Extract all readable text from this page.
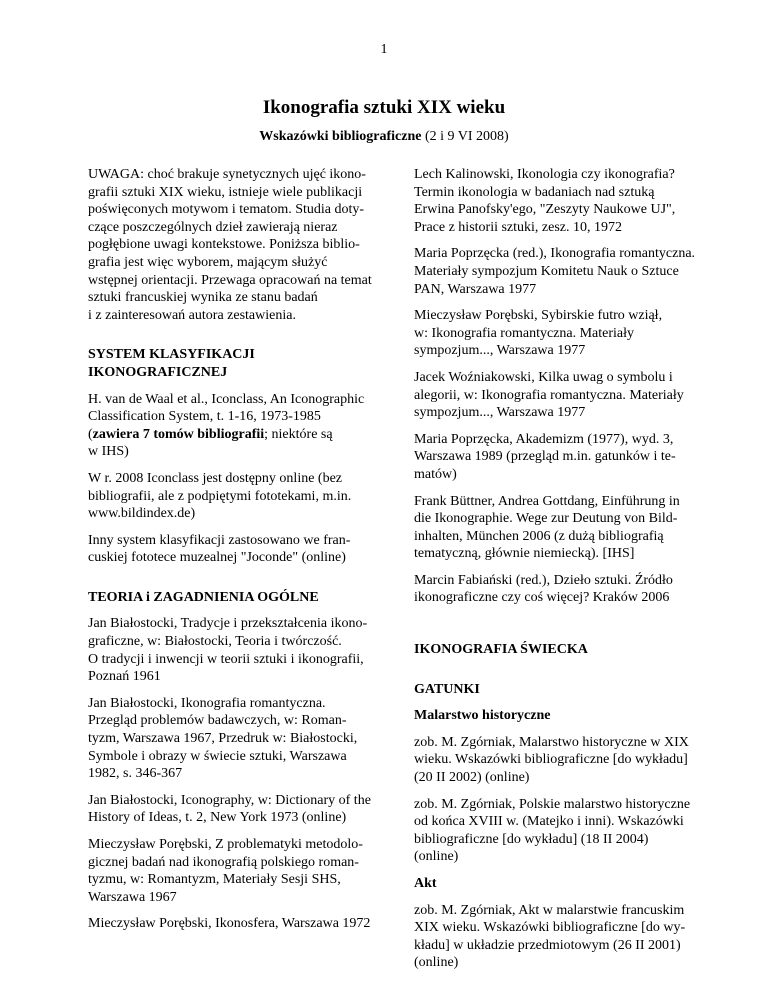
1
Ikonografia sztuki XIX wieku
Wskazówki bibliograficzne (2 i 9 VI 2008)

UWAGA: choć brakuje synetycznych ujęć ikono-
grafii sztuki XIX wieku, istnieje wiele publikacji
poświęconych motywom i tematom. Studia doty-
czące poszczególnych dzieł zawierają nieraz
pogłębione uwagi kontekstowe. Poniższa biblio-
grafia jest więc wyborem, mającym służyć
wstępnej orientacji. Przewaga opracowań na temat
sztuki francuskiej wynika ze stanu badań
i z zainteresowań autora zestawienia.

SYSTEM KLASYFIKACJI
IKONOGRAFICZNEJ

H. van de Waal et al., Iconclass, An Iconographic
Classification System, t. 1-16, 1973-1985
(zawiera 7 tomów bibliografii; niektóre są
w IHS)

W r. 2008 Iconclass jest dostępny online (bez
bibliografii, ale z podpiętymi fototekami, m.in.
www.bildindex.de)

Inny system klasyfikacji zastosowano we fran-
cuskiej fototece muzealnej "Joconde" (online)

TEORIA i ZAGADNIENIA OGÓLNE

Jan Białostocki, Tradycje i przekształcenia ikono-
graficzne, w: Białostocki, Teoria i twórczość.
O tradycji i inwencji w teorii sztuki i ikonografii,
Poznań 1961

Jan Białostocki, Ikonografia romantyczna.
Przegląd problemów badawczych, w: Roman-
tyzm, Warszawa 1967, Przedruk w: Białostocki,
Symbole i obrazy w świecie sztuki, Warszawa
1982, s. 346-367

Jan Białostocki, Iconography, w: Dictionary of the
History of Ideas, t. 2, New York 1973 (online)

Mieczysław Porębski, Z problematyki metodolo-
gicznej badań nad ikonografią polskiego roman-
tyzmu, w: Romantyzm, Materiały Sesji SHS,
Warszawa 1967

Mieczysław Porębski, Ikonosfera, Warszawa 1972

Lech Kalinowski, Ikonologia czy ikonografia?
Termin ikonologia w badaniach nad sztuką
Erwina Panofsky'ego, "Zeszyty Naukowe UJ",
Prace z historii sztuki, zesz. 10, 1972

Maria Poprzęcka (red.), Ikonografia romantyczna.
Materiały sympozjum Komitetu Nauk o Sztuce
PAN, Warszawa 1977

Mieczysław Porębski, Sybirskie futro wziął,
w: Ikonografia romantyczna. Materiały
sympozjum..., Warszawa 1977

Jacek Woźniakowski, Kilka uwag o symbolu i
alegorii, w: Ikonografia romantyczna. Materiały
sympozjum..., Warszawa 1977

Maria Poprzęcka, Akademizm (1977), wyd. 3,
Warszawa 1989 (przegląd m.in. gatunków i te-
matów)

Frank Büttner, Andrea Gottdang, Einführung in
die Ikonographie. Wege zur Deutung von Bild-
inhalten, München 2006 (z dużą bibliografią
tematyczną, głównie niemiecką). [IHS]

Marcin Fabiański (red.), Dzieło sztuki. Źródło
ikonograficzne czy coś więcej? Kraków 2006

IKONOGRAFIA ŚWIECKA
GATUNKI

Malarstwo historyczne

zob. M. Zgórniak, Malarstwo historyczne w XIX
wieku. Wskazówki bibliograficzne [do wykładu]
(20 II 2002) (online)

zob. M. Zgórniak, Polskie malarstwo historyczne
od końca XVIII w. (Matejko i inni). Wskazówki
bibliograficzne [do wykładu] (18 II 2004) (online)

Akt

zob. M. Zgórniak, Akt w malarstwie francuskim
XIX wieku. Wskazówki bibliograficzne [do wy-
kładu] w układzie przedmiotowym (26 II 2001)
(online)
